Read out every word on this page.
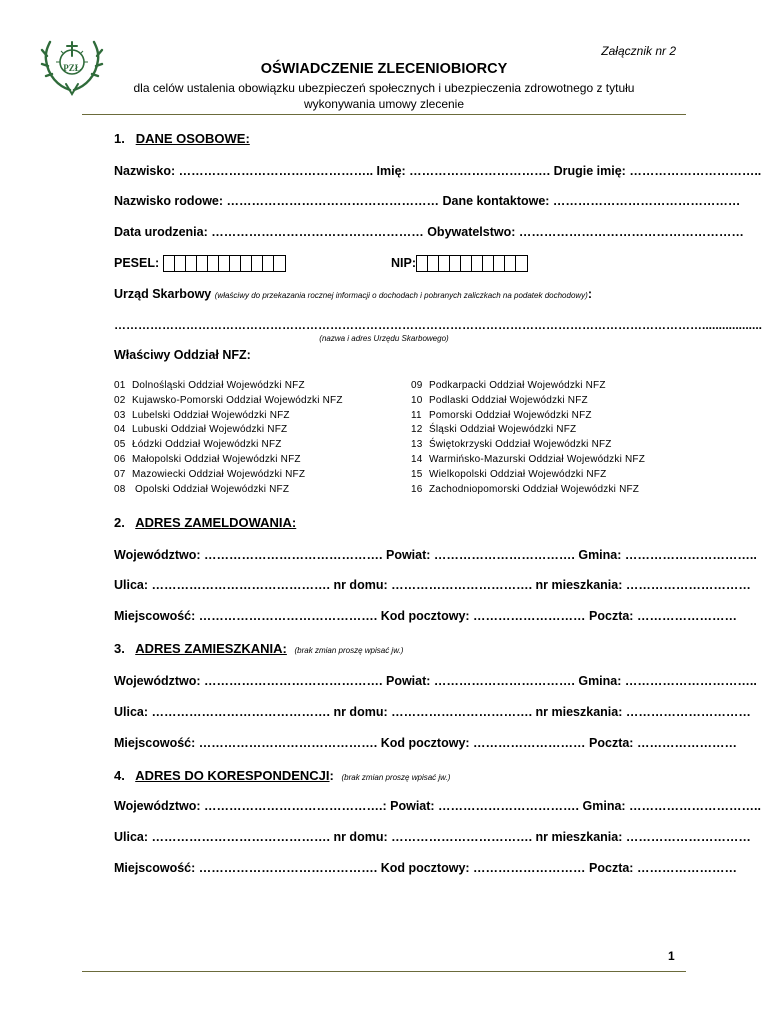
PZŁ
Załącznik nr 2
OŚWIADCZENIE ZLECENIOBIORCY
dla celów ustalenia obowiązku ubezpieczeń społecznych i ubezpieczenia zdrowotnego z tytułu wykonywania umowy zlecenie
1. DANE OSOBOWE:
Nazwisko: ……………………………………….. Imię: ……………………………. Drugie imię: …………………………..
Nazwisko rodowe: …………………………………………… Dane kontaktowe: ………………………………………
Data urodzenia: …………………………………………… Obywatelstwo: ………………………………………………
PESEL:	NIP:
Urząd Skarbowy (właściwy do przekazania rocznej informacji o dochodach i pobranych zaliczkach na podatek dochodowy):
…………………………………………………………………………………………………………………………………..................
(nazwa i adres Urzędu Skarbowego)
Właściwy Oddział NFZ:
01 Dolnośląski Oddział Wojewódzki NFZ
02 Kujawsko-Pomorski Oddział Wojewódzki NFZ
03 Lubelski Oddział Wojewódzki NFZ
04 Lubuski Oddział Wojewódzki NFZ
05 Łódzki Oddział Wojewódzki NFZ
06 Małopolski Oddział Wojewódzki NFZ
07 Mazowiecki Oddział Wojewódzki NFZ
08 Opolski Oddział Wojewódzki NFZ
09 Podkarpacki Oddział Wojewódzki NFZ
10 Podlaski Oddział Wojewódzki NFZ
11 Pomorski Oddział Wojewódzki NFZ
12 Śląski Oddział Wojewódzki NFZ
13 Świętokrzyski Oddział Wojewódzki NFZ
14 Warmińsko-Mazurski Oddział Wojewódzki NFZ
15 Wielkopolski Oddział Wojewódzki NFZ
16 Zachodniopomorski Oddział Wojewódzki NFZ
2. ADRES ZAMELDOWANIA:
Województwo: ……………………………………. Powiat: ……………………………. Gmina: …………………………..
Ulica: ……………………………………. nr domu: ……………………………. nr mieszkania: …………………………
Miejscowość: ……………………………………. Kod pocztowy: ……………………… Poczta: ……………………
3. ADRES ZAMIESZKANIA: (brak zmian proszę wpisać jw.)
Województwo: ……………………………………. Powiat: ……………………………. Gmina: …………………………..
Ulica: ……………………………………. nr domu: ……………………………. nr mieszkania: …………………………
Miejscowość: ……………………………………. Kod pocztowy: ……………………… Poczta: ……………………
4. ADRES DO KORESPONDENCJI: (brak zmian proszę wpisać jw.)
Województwo: …………………………………….: Powiat: ……………………………. Gmina: …………………………..
Ulica: ……………………………………. nr domu: ……………………………. nr mieszkania: …………………………
Miejscowość: ……………………………………. Kod pocztowy: ……………………… Poczta: ……………………
1
